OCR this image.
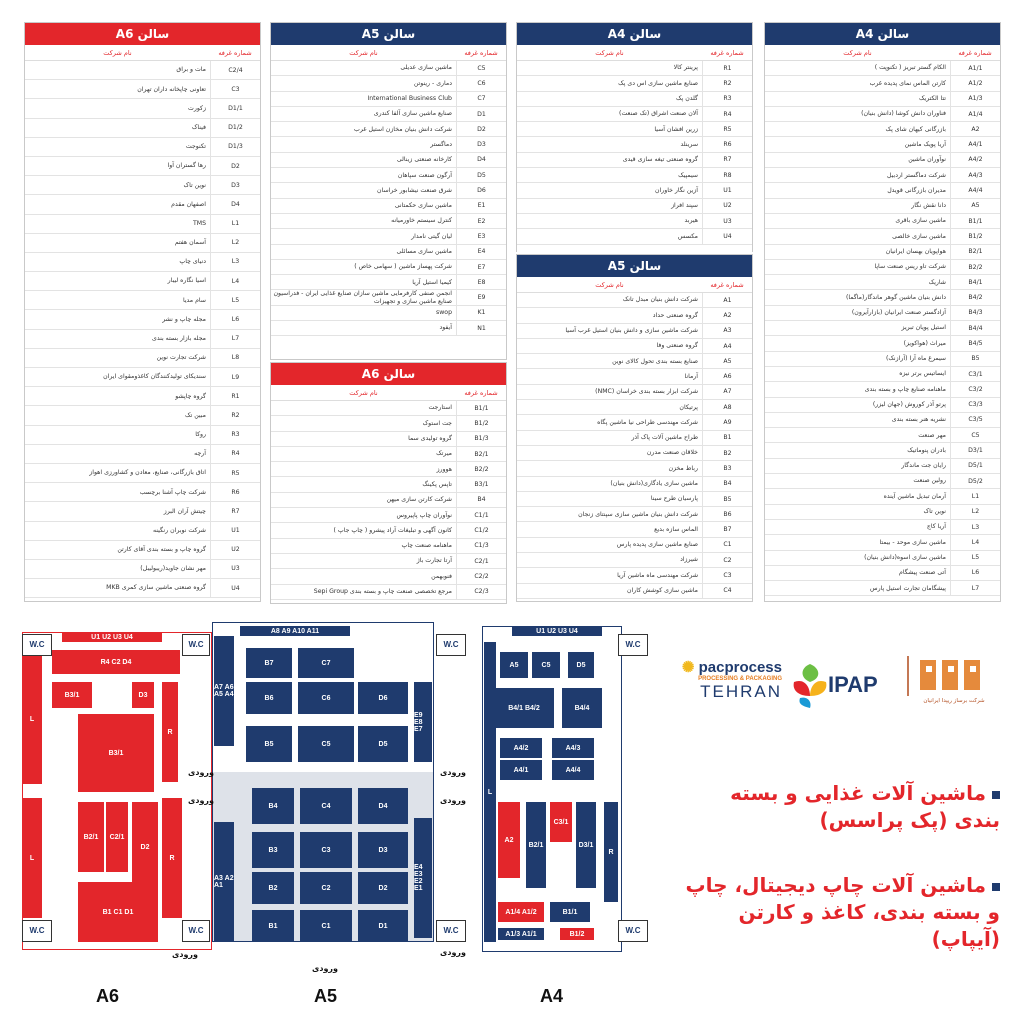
سالن A4
شماره غرفه
نام شرکت
A1/1
الکام گستر تبریز ( تکنوپت )
A1/2
کارتن الماس نمای پدیده غرب
A1/3
تتا الکتریک
A1/4
فناوران دانش کوشا (دانش بنیان)
A2
بازرگانی کیهان شای پک
A4/1
آریا پویک ماشین
A4/2
نوآوران ماشین
A4/3
شرکت دماگستر اردبیل
A4/4
مدیران بازرگانی قویدل
A5
دانا نقش نگار
B1/1
ماشین سازی باقری
B1/2
ماشین سازی خالصی
B2/1
هواپویان بهسان ایرانیان
B2/2
شرکت تاو ریس صنعت ساپا
B4/1
شاریک
B4/2
دانش بنیان ماشین گوهر ماندگار(ماگما)
B4/3
آزادگستر صنعت ایرانیان (بازارآیرون)
B4/4
استیل پویان تبریز
B4/5
میراث (هواکویز)
B5
سیمرغ ماه آرا (آرازنک)
C3/1
ایساتیس برتر نیزه
C3/2
ماهنامه صنایع چاپ و بسته بندی
C3/3
پرتو آذر کوروش (جهان لیزر)
C3/5
نشریه هنر بسته بندی
C5
مهر صنعت
D3/1
بادران پنوماتیک
D5/1
رایان جت ماندگار
D5/2
رولین صنعت
L1
آرمان تبدیل ماشین آینده
L2
نوین تاک
L3
آریا کاج
L4
ماشین سازی موحد - بیمتا
L5
ماشین سازی اسوه(دانش بنیان)
L6
آتی صنعت پیشگام
L7
پیشگامان تجارت استیل پارس
سالن A4
شماره غرفه
نام شرکت
R1
پرینتر کالا
R2
صنایع ماشین سازی اس دی پک
R3
گلدن پک
R4
آلان صنعت اشراق (تک صنعت)
R5
زرین افشان آسیا
R6
سرینلد
R7
گروه صنعتی تیغه سازی قیدی
R8
سیمپیک
U1
آزین نگار خاوران
U2
سپند افراز
U3
هیربد
U4
مکسس
سالن A5
شماره غرفه
نام شرکت
A1
شرکت دانش بنیان مبدل تانک
A2
گروه صنعتی حداد
A3
شرکت ماشین سازی و دانش بنیان استیل غرب آسیا
A4
گروه صنعتی وفا
A5
صنایع بسته بندی تحول کالای نوین
A6
آرمانا
A7
شرکت ابزار بسته بندی خراسان (NMC)
A8
پرتیکان
A9
شرکت مهندسی طراحی نیا ماشین پگاه
B1
طراح ماشین آلات پاک آذر
B2
خلاقان صنعت مدرن
B3
رباط مخزن
B4
ماشین سازی یادگاری(دانش بنیان)
B5
پارسیان طرح سینا
B6
شرکت دانش بنیان ماشین سازی سپنتای زنجان
B7
الماس سازه بدیع
C1
صنایع ماشین سازی پدیده پارس
C2
شیرزاد
C3
شرکت مهندسی ماه ماشین آریا
C4
ماشین سازی کوشش کاران
سالن A5
شماره غرفه
نام شرکت
C5
ماشین سازی عدیلی
C6
دماری - رینوتن
C7
International Business Club
D1
صنایع ماشین سازی آلفا کندری
D2
شرکت دانش بنیان مخازن استیل غرب
D3
دماگستر
D4
کارخانه صنعتی زینالی
D5
آرگون صنعت سپاهان
D6
شرق صنعت نیشابور خراسان
E1
ماشین سازی حکمتانی
E2
کنترل سیستم خاورمیانه
E3
لیان گیتی نامدار
E4
ماشین سازی مسائلی
E7
شرکت پهساز ماشین ( سهامی خاص )
E8
کیمیا استیل آریا
E9
انجمن صنفی کارفرمایی ماشین سازان صنایع غذایی ایران - فدراسیون صنایع ماشین سازی و تجهیزات
K1
swop
N1
آیفود
سالن A6
شماره غرفه
نام شرکت
B1/1
استارجت
B1/2
جت استوک
B1/3
گروه تولیدی سما
B2/1
میرتک
B2/2
هوورز
B3/1
تاپس پکینگ
B4
شرکت کارتن سازی میهن
C1/1
نوآوران چاپ پاپیروس
C1/2
کانون آگهی و تبلیغات آراد پیشرو ( چاپ جاپ )
C1/3
ماهنامه صنعت چاپ
C2/1
آرتا تجارت باژ
C2/2
فنوبهمن
C2/3
مرجع تخصصی صنعت چاپ و بسته بندی Sepi Group
سالن A6
شماره غرفه
نام شرکت
C2/4
مات و براق
C3
تعاونی چاپخانه داران تهران
D1/1
زکورت
D1/2
فیناک
D1/3
تکنوجت
D2
رها گستران آوا
D3
نوین تاک
D4
اصفهان مقدم
L1
TMS
L2
آسمان هفتم
L3
دنیای چاپ
L4
اسیا نگاره لیبار
L5
سام مدیا
L6
مجله چاپ و نشر
L7
مجله بازار بسته بندی
L8
شرکت تجارت نوین
L9
سندیکای تولیدکنندگان کاغذومقوای ایران
R1
گروه چاپشو
R2
مبین تک
R3
روکا
R4
آرچه
R5
اتاق بازرگانی، صنایع، معادن و کشاورزی اهواز
R6
شرکت چاپ آشنا برچسب
R7
چیتش آران البرز
U1
شرکت نوبران رنگینه
U2
گروه چاپ و بسته بندی آقای کارتن
U3
مهر نشان جاوید(ریبولیبل)
U4
گروه صنعتی ماشین سازی کمری MKB
U1 U2 U3 U4
R4 C2 D4
B3/1
B3/1
D3
R
L
L
B2/1	C2/1
D2
B1 C1 D1
R
A8 A9 A10 A11
A7 A6 A5 A4
B7	C7
B6	C6	D6
B5	C5	D5
E9 E8 E7
B4	C4	D4
B3	C3	D3
B2	C2	D2
B1	C1	D1
A3 A2 A1
E4 E3 E2 E1
U1 U2 U3 U4
L
A5	C5	D5
B4/1 B4/2	B4/4
A4/2	A4/3
A4/1	A4/4
A2
B2/1
C3/1
D3/1
R
A1/4 A1/2	B1/1
A1/3 A1/1	B1/2
W.C
W.C
W.C
W.C
W.C
W.C
W.C
W.C
ورودی
ورودی
ورودی
ورودی
ورودی
ورودی
ورودی
A6	A5	A4
✺ pacprocess
PROCESSING & PACKAGING
TEHRAN IPAP
شرکت برساز ریپدا ایرانیان
ماشین آلات غذایی و بسته بندی (پک پراسس)
ماشین آلات چاپ دیجیتال، چاپ و بسته بندی، کاغذ و کارتن (آیپاپ)
